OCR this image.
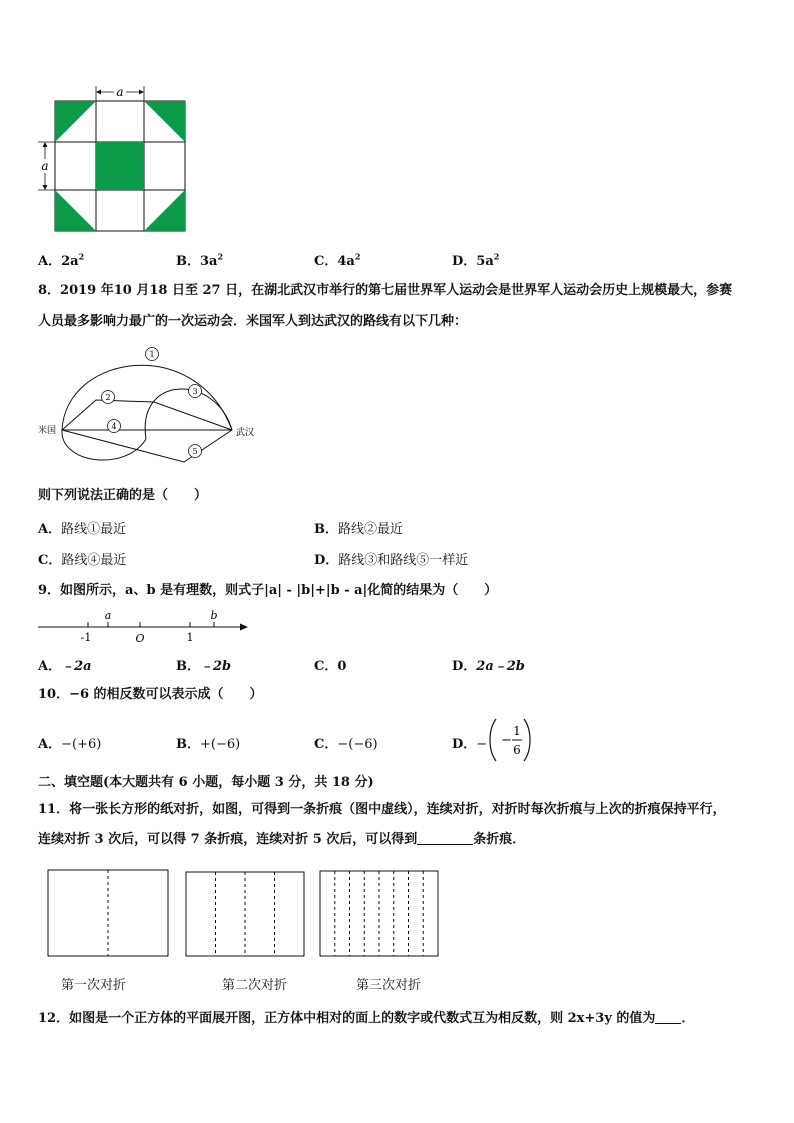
a
a
A．$2a^2$	B．$3a^2$	C．$4a^2$	D．$5a^2$
8．2019 年10 月18 日至 27 日，在湖北武汉市举行的第七届世界军人运动会是世界军人运动会历史上规模最大，参赛
人员最多影响力最广的一次运动会．米国军人到达武汉的路线有以下几种：
1
2
3
4
5
米国	武汉
则下列说法正确的是（　　）
A．路线①最近	B．路线②最近
C．路线④最近	D．路线③和路线⑤一样近
9．如图所示，a、b 是有理数，则式子|a| - |b|+|b - a|化简的结果为（　　）
a	b
-1	O	1
A．﹣2a	B．﹣2b	C．0	D．2a﹣2b
10．−6 的相反数可以表示成（　　）
A．−(+6)	B．+(−6)	C．−(−6)	D．− −
1
6
二、填空题(本大题共有 6 小题，每小题 3 分，共 18 分)
11．将一张长方形的纸对折，如图，可得到一条折痕（图中虚线），连续对折，对折时每次折痕与上次的折痕保持平行，
连续对折 3 次后，可以得 7 条折痕，连续对折 5 次后，可以得到	条折痕．
第一次对折	第二次对折	第三次对折
12．如图是一个正方体的平面展开图，正方体中相对的面上的数字或代数式互为相反数，则 2x+3y 的值为 ．
